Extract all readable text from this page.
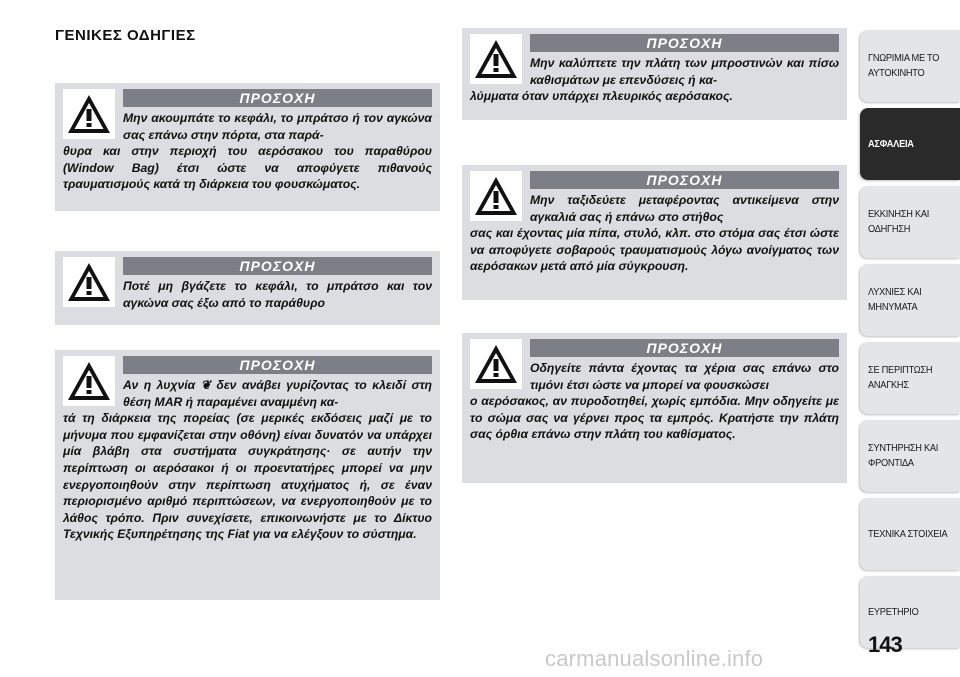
ΓΕΝΙΚΕΣ ΟΔΗΓΙΕΣ
ΠΡΟΣΟΧΗ
Μην ακουμπάτε το κεφάλι, το μπράτσο ή τον αγκώνα σας επάνω στην πόρτα, στα παρά-
θυρα και στην περιοχή του αερόσακου του παραθύρου (Window Bag) έτσι ώστε να αποφύγετε πιθανούς τραυματισμούς κατά τη διάρκεια του φουσκώματος.
ΠΡΟΣΟΧΗ
Ποτέ μη βγάζετε το κεφάλι, το μπράτσο και τον αγκώνα σας έξω από το παράθυρο
ΠΡΟΣΟΧΗ
Αν η λυχνία ❦ δεν ανάβει γυρίζοντας το κλειδί στη θέση MAR ή παραμένει αναμμένη κα-
τά τη διάρκεια της πορείας (σε μερικές εκδόσεις μαζί με το μήνυμα που εμφανίζεται στην οθόνη) είναι δυνατόν να υπάρχει μία βλάβη στα συστήματα συγκράτησης· σε αυτήν την περίπτωση οι αερόσακοι ή οι προεντατήρες μπορεί να μην ενεργοποιηθούν στην περίπτωση ατυχήματος ή, σε έναν περιορισμένο αριθμό περιπτώσεων, να ενεργοποιηθούν με το λάθος τρόπο. Πριν συνεχίσετε, επικοινωνήστε με το Δίκτυο Τεχνικής Εξυπηρέτησης της Fiat για να ελέγξουν το σύστημα.
ΠΡΟΣΟΧΗ
Μην καλύπτετε την πλάτη των μπροστινών και πίσω καθισμάτων με επενδύσεις ή κα-
λύμματα όταν υπάρχει πλευρικός αερόσακος.
ΠΡΟΣΟΧΗ
Μην ταξιδεύετε μεταφέροντας αντικείμενα στην αγκαλιά σας ή επάνω στο στήθος
σας και έχοντας μία πίπα, στυλό, κλπ. στο στόμα σας έτσι ώστε να αποφύγετε σοβαρούς τραυματισμούς λόγω ανοίγματος των αερόσακων μετά από μία σύγκρουση.
ΠΡΟΣΟΧΗ
Οδηγείτε πάντα έχοντας τα χέρια σας επάνω στο τιμόνι έτσι ώστε να μπορεί να φουσκώσει
ο αερόσακος, αν πυροδοτηθεί, χωρίς εμπόδια. Μην οδηγείτε με το σώμα σας να γέρνει προς τα εμπρός. Κρατήστε την πλάτη σας όρθια επάνω στην πλάτη του καθίσματος.
ΓΝΩΡΙΜΙΑ ΜΕ ΤΟ
ΑΥΤΟΚΙΝΗΤΟ
ΑΣΦΑΛΕΙΑ
ΕΚΚΙΝΗΣΗ ΚΑΙ
ΟΔΗΓΗΣΗ
ΛΥΧΝΙΕΣ ΚΑΙ
ΜΗΝΥΜΑΤΑ
ΣΕ ΠΕΡΙΠΤΩΣΗ
ΑΝΑΓΚΗΣ
ΣΥΝΤΗΡΗΣΗ ΚΑΙ
ΦΡΟΝΤΙΔΑ
ΤΕΧΝΙΚΑ ΣΤΟΙΧΕΙΑ
ΕΥΡΕΤΗΡΙΟ
143
carmanualsonline.info
